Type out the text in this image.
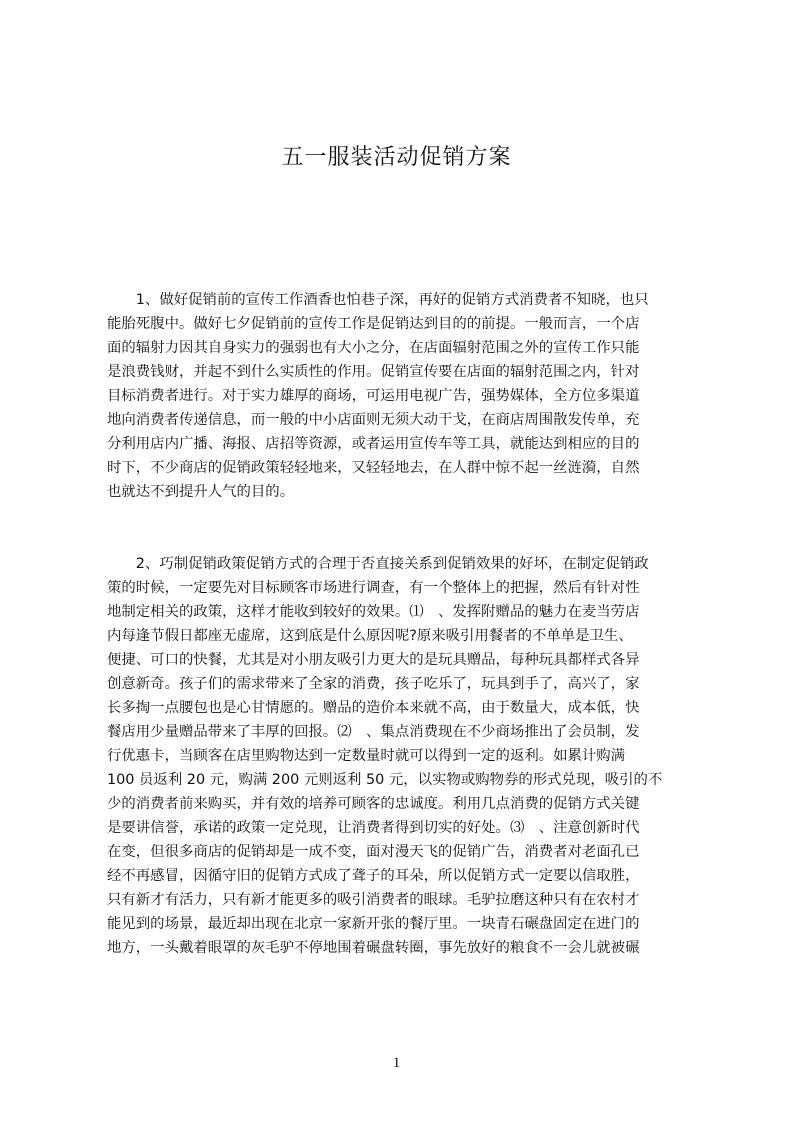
五一服装活动促销方案
　　1、做好促销前的宣传工作酒香也怕巷子深，再好的促销方式消费者不知晓，也只
能胎死腹中。做好七夕促销前的宣传工作是促销达到目的的前提。一般而言，一个店
面的辐射力因其自身实力的强弱也有大小之分，在店面辐射范围之外的宣传工作只能
是浪费钱财，并起不到什么实质性的作用。促销宣传要在店面的辐射范围之内，针对
目标消费者进行。对于实力雄厚的商场，可运用电视广告，强势媒体，全方位多渠道
地向消费者传递信息，而一般的中小店面则无须大动干戈，在商店周围散发传单，充
分利用店内广播、海报、店招等资源，或者运用宣传车等工具，就能达到相应的目的
时下，不少商店的促销政策轻轻地来，又轻轻地去，在人群中惊不起一丝涟漪，自然
也就达不到提升人气的目的。
　　2、巧制促销政策促销方式的合理于否直接关系到促销效果的好坏，在制定促销政
策的时候，一定要先对目标顾客市场进行调查，有一个整体上的把握，然后有针对性
地制定相关的政策，这样才能收到较好的效果。⑴　、发挥附赠品的魅力在麦当劳店
内每逢节假日都座无虚席，这到底是什么原因呢?原来吸引用餐者的不单单是卫生、
便捷、可口的快餐，尤其是对小朋友吸引力更大的是玩具赠品，每种玩具都样式各异
创意新奇。孩子们的需求带来了全家的消费，孩子吃乐了，玩具到手了，高兴了，家
长多掏一点腰包也是心甘情愿的。赠品的造价本来就不高，由于数量大，成本低，快
餐店用少量赠品带来了丰厚的回报。⑵　、集点消费现在不少商场推出了会员制，发
行优惠卡，当顾客在店里购物达到一定数量时就可以得到一定的返利。如累计购满
100 员返利 20 元，购满 200 元则返利 50 元，以实物或购物券的形式兑现，吸引的不
少的消费者前来购买，并有效的培养可顾客的忠诚度。利用几点消费的促销方式关键
是要讲信誉，承诺的政策一定兑现，让消费者得到切实的好处。⑶　、注意创新时代
在变，但很多商店的促销却是一成不变，面对漫天飞的促销广告，消费者对老面孔已
经不再感冒，因循守旧的促销方式成了聋子的耳朵，所以促销方式一定要以信取胜，
只有新才有活力，只有新才能更多的吸引消费者的眼球。毛驴拉磨这种只有在农村才
能见到的场景，最近却出现在北京一家新开张的餐厅里。一块青石碾盘固定在进门的
地方，一头戴着眼罩的灰毛驴不停地围着碾盘转圈，事先放好的粮食不一会儿就被碾
1
